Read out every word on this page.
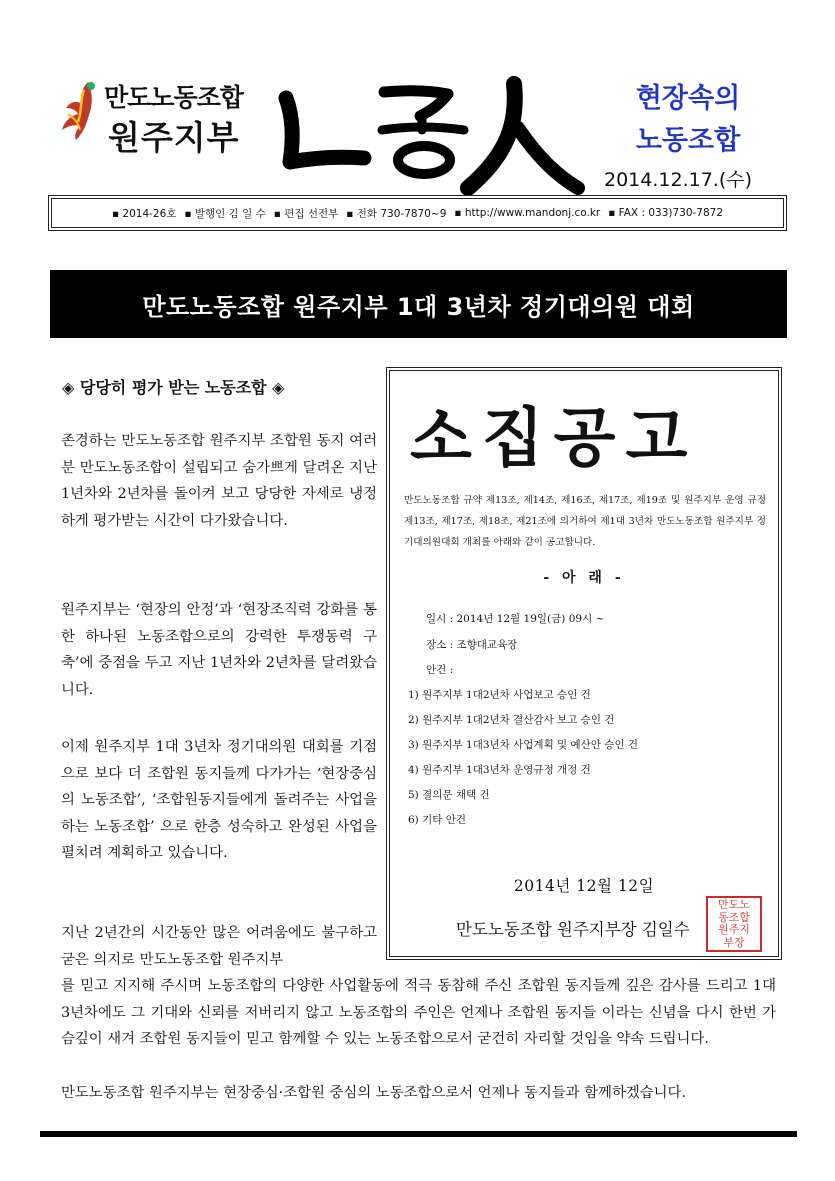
만도노동조합
원주지부
현장속의
노동조합
2014.12.17.(수)
▪ 2014-26호 ▪ 발행인 김 일 수 ▪ 편집 선전부 ▪ 전화 730-7870~9 ▪ http://www.mandonj.co.kr ▪ FAX : 033)730-7872
만도노동조합 원주지부 1대 3년차 정기대의원 대회
◈ 당당히 평가 받는 노동조합 ◈

존경하는 만도노동조합 원주지부 조합원 동지 여러분 만도노동조합이 설립되고 숨가쁘게 달려온 지난 1년차와 2년차를 돌이켜 보고 당당한 자세로 냉정하게 평가받는 시간이 다가왔습니다.

원주지부는 ‘현장의 안정’과 ‘현장조직력 강화를 통한 하나된 노동조합으로의 강력한 투쟁동력 구축’에 중점을 두고 지난 1년차와 2년차를 달려왔습니다.

이제 원주지부 1대 3년차 정기대의원 대회를 기점으로 보다 더 조합원 동지들께 다가가는 ‘현장중심의 노동조합’, ‘조합원동지들에게 돌려주는 사업을 하는 노동조합’ 으로 한층 성숙하고 완성된 사업을 펼치려 계획하고 있습니다.

지난 2년간의 시간동안 많은 어려움에도 불구하고 굳은 의지로 만도노동조합 원주지부

를 믿고 지지해 주시며 노동조합의 다양한 사업활동에 적극 동참해 주신 조합원 동지들께 깊은 감사를 드리고 1대 3년차에도 그 기대와 신뢰를 저버리지 않고 노동조합의 주인은 언제나 조합원 동지들 이라는 신념을 다시 한번 가슴깊이 새겨 조합원 동지들이 믿고 함께할 수 있는 노동조합으로서 굳건히 자리할 것임을 약속 드립니다.

만도노동조합 원주지부는 현장중심·조합원 중심의 노동조합으로서 언제나 동지들과 함께하겠습니다.

소집공고

만도노동조합 규약 제13조, 제14조, 제16조, 제17조, 제19조 및 원주지부 운영 규정 제13조, 제17조, 제18조, 제21조에 의거하여 제1대 3년차 만도노동조합 원주지부 정기대의원대회 개최를 아래와 같이 공고합니다.

- 아 래 -
일시 : 2014년 12월 19일(금) 09시 ~
장소 : 조향대교육장
안건 :
1) 원주지부 1대2년차 사업보고 승인 건
2) 원주지부 1대2년차 결산감사 보고 승인 건
3) 원주지부 1대3년차 사업계획 및 예산안 승인 건
4) 원주지부 1대3년차 운영규정 개정 건
5) 결의문 채택 건
6) 기타 안건
2014년 12월 12일
만도노동조합 원주지부장 김일수
만도노동조합원주지부장
